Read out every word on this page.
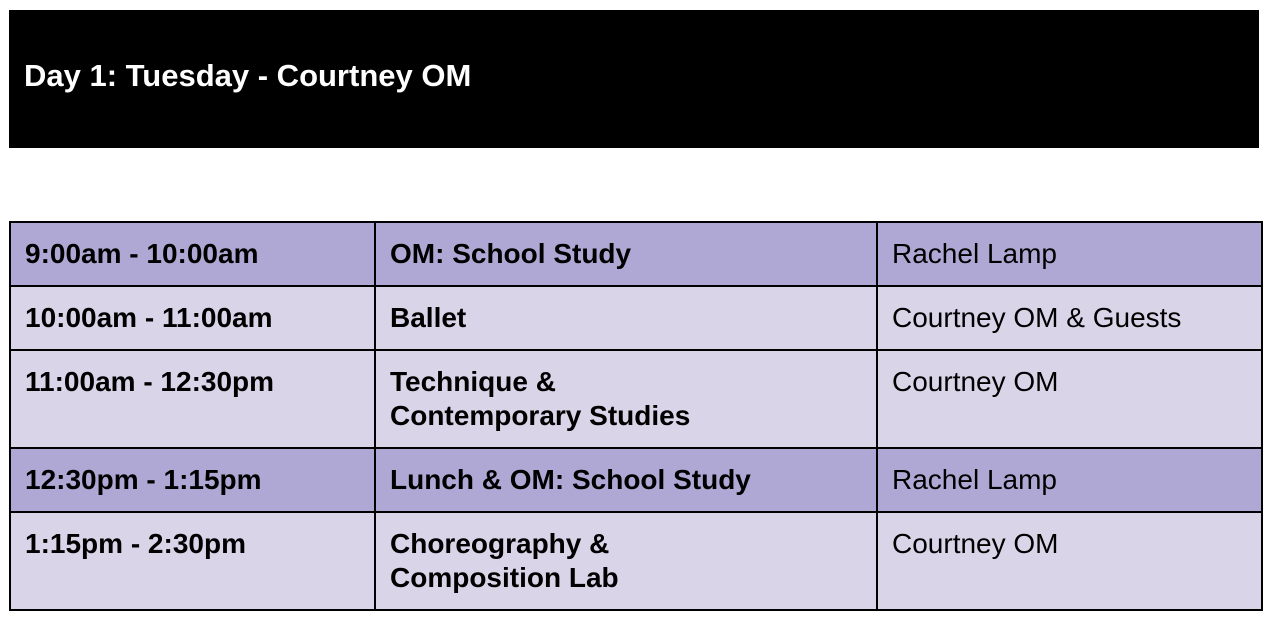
Day 1: Tuesday - Courtney OM
9:00am - 10:00am	OM: School Study	Rachel Lamp

10:00am - 11:00am	Ballet	Courtney OM & Guests

11:00am - 12:30pm	Technique &
Contemporary Studies	Courtney OM

12:30pm - 1:15pm	Lunch & OM: School Study	Rachel Lamp

1:15pm - 2:30pm	Choreography &
Composition Lab	Courtney OM
